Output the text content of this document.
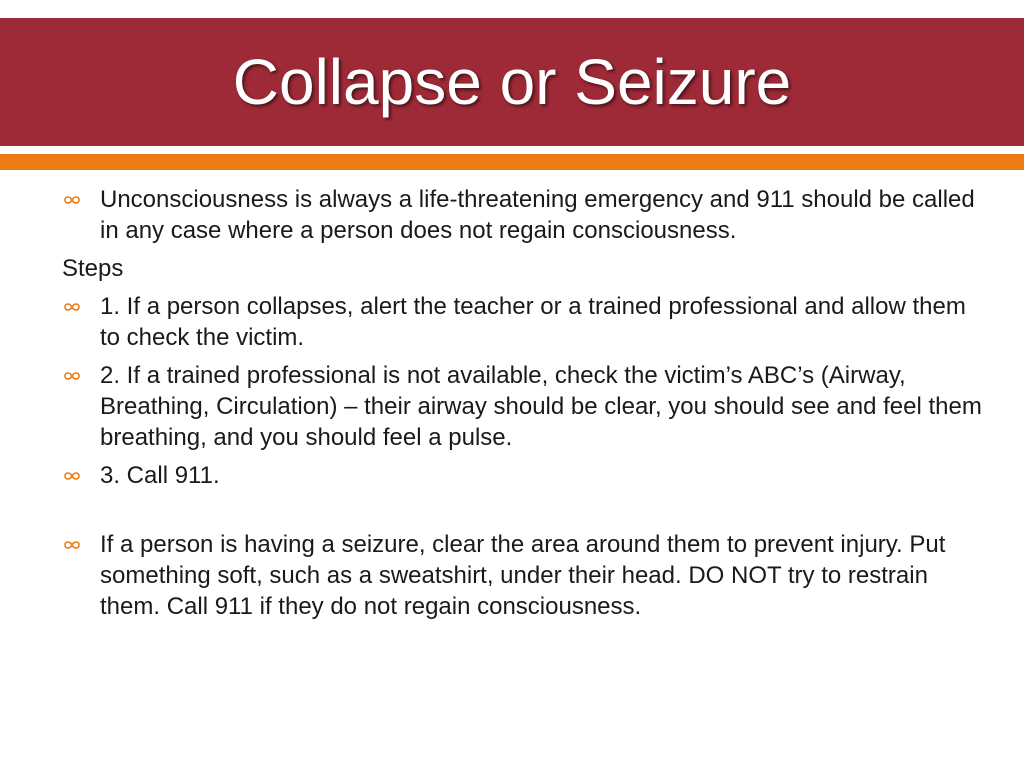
Collapse or Seizure
Unconsciousness is always a life-threatening emergency and 911 should be called in any case where a person does not regain consciousness.
Steps
1. If a person collapses, alert the teacher or a trained professional and allow them to check the victim.
2. If a trained professional is not available, check the victim’s ABC’s (Airway, Breathing, Circulation) – their airway should be clear, you should see and feel them breathing, and you should feel a pulse.
3. Call 911.
If a person is having a seizure, clear the area around them to prevent injury. Put something soft, such as a sweatshirt, under their head. DO NOT try to restrain them. Call 911 if they do not regain consciousness.
